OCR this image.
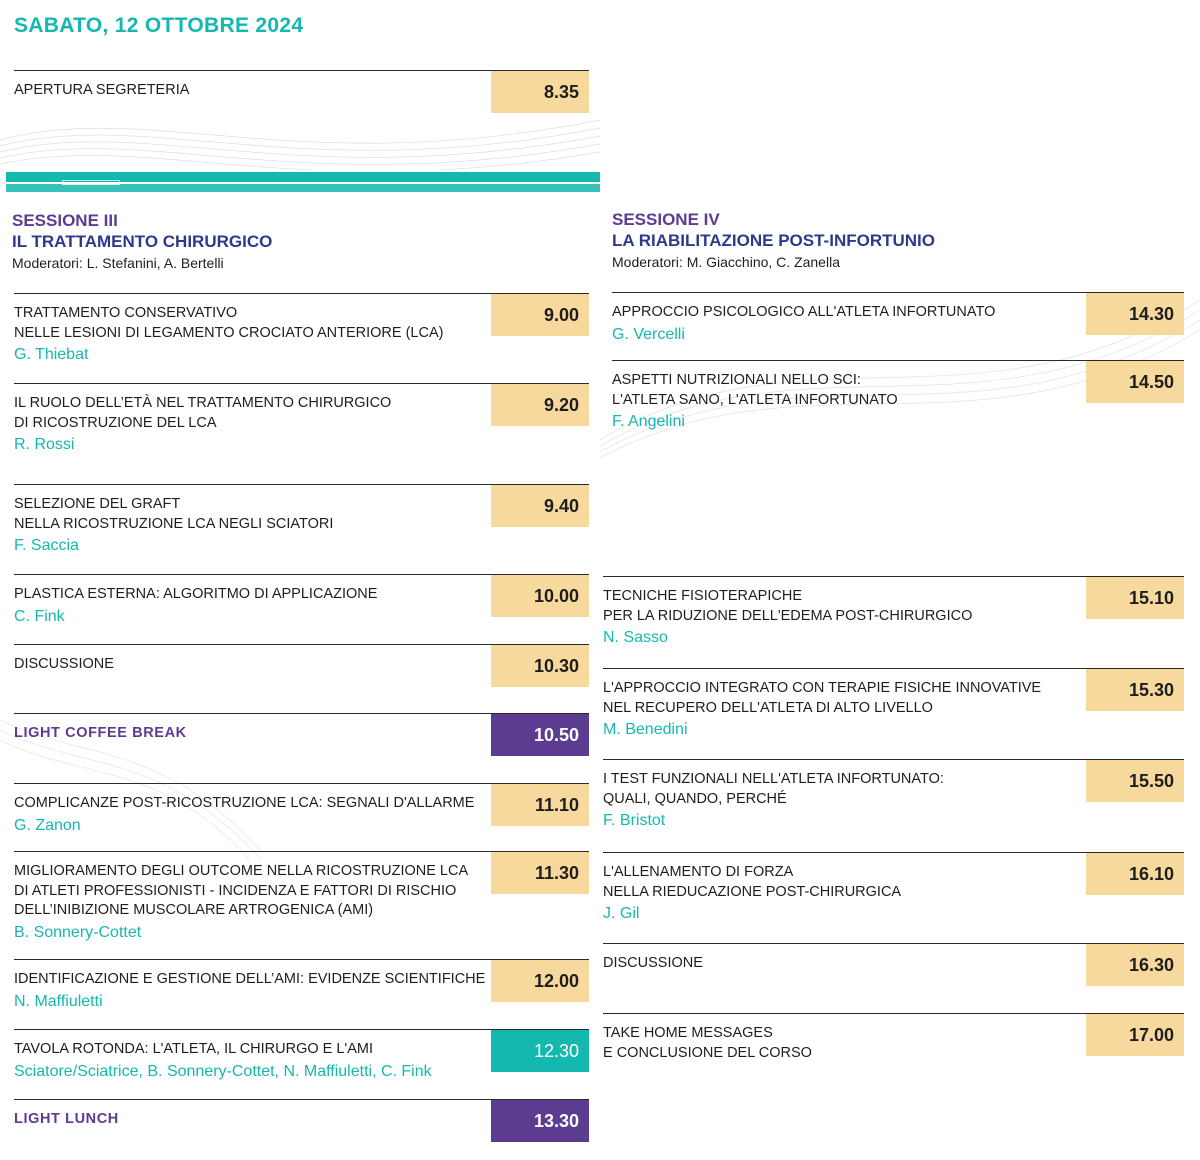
SABATO, 12 OTTOBRE 2024
APERTURA SEGRETERIA	8.35
SESSIONE III
IL TRATTAMENTO CHIRURGICO
Moderatori: L. Stefanini, A. Bertelli
SESSIONE IV
LA RIABILITAZIONE POST-INFORTUNIO
Moderatori: M. Giacchino, C. Zanella
TRATTAMENTO CONSERVATIVO
NELLE LESIONI DI LEGAMENTO CROCIATO ANTERIORE (LCA)
G. Thiebat
9.00
IL RUOLO DELL’ETÀ NEL TRATTAMENTO CHIRURGICO
DI RICOSTRUZIONE DEL LCA
R. Rossi
9.20
SELEZIONE DEL GRAFT
NELLA RICOSTRUZIONE LCA NEGLI SCIATORI
F. Saccia
9.40
PLASTICA ESTERNA: ALGORITMO DI APPLICAZIONE
C. Fink
10.00
DISCUSSIONE	10.30
LIGHT COFFEE BREAK	10.50
COMPLICANZE POST-RICOSTRUZIONE LCA: SEGNALI D'ALLARME
G. Zanon
11.10
MIGLIORAMENTO DEGLI OUTCOME NELLA RICOSTRUZIONE LCA
DI ATLETI PROFESSIONISTI - INCIDENZA E FATTORI DI RISCHIO
DELL’INIBIZIONE MUSCOLARE ARTROGENICA (AMI)
B. Sonnery-Cottet
11.30
IDENTIFICAZIONE E GESTIONE DELL’AMI: EVIDENZE SCIENTIFICHE
N. Maffiuletti
12.00
TAVOLA ROTONDA: L'ATLETA, IL CHIRURGO E L'AMI
Sciatore/Sciatrice, B. Sonnery-Cottet, N. Maffiuletti, C. Fink
12.30
LIGHT LUNCH	13.30
APPROCCIO PSICOLOGICO ALL'ATLETA INFORTUNATO
G. Vercelli
14.30
ASPETTI NUTRIZIONALI NELLO SCI:
L'ATLETA SANO, L'ATLETA INFORTUNATO
F. Angelini
14.50
TECNICHE FISIOTERAPICHE
PER LA RIDUZIONE DELL'EDEMA POST-CHIRURGICO
N. Sasso
15.10
L'APPROCCIO INTEGRATO CON TERAPIE FISICHE INNOVATIVE
NEL RECUPERO DELL'ATLETA DI ALTO LIVELLO
M. Benedini
15.30
I TEST FUNZIONALI NELL'ATLETA INFORTUNATO:
QUALI, QUANDO, PERCHÉ
F. Bristot
15.50
L'ALLENAMENTO DI FORZA
NELLA RIEDUCAZIONE POST-CHIRURGICA
J. Gil
16.10
DISCUSSIONE	16.30
TAKE HOME MESSAGES
E CONCLUSIONE DEL CORSO
17.00
